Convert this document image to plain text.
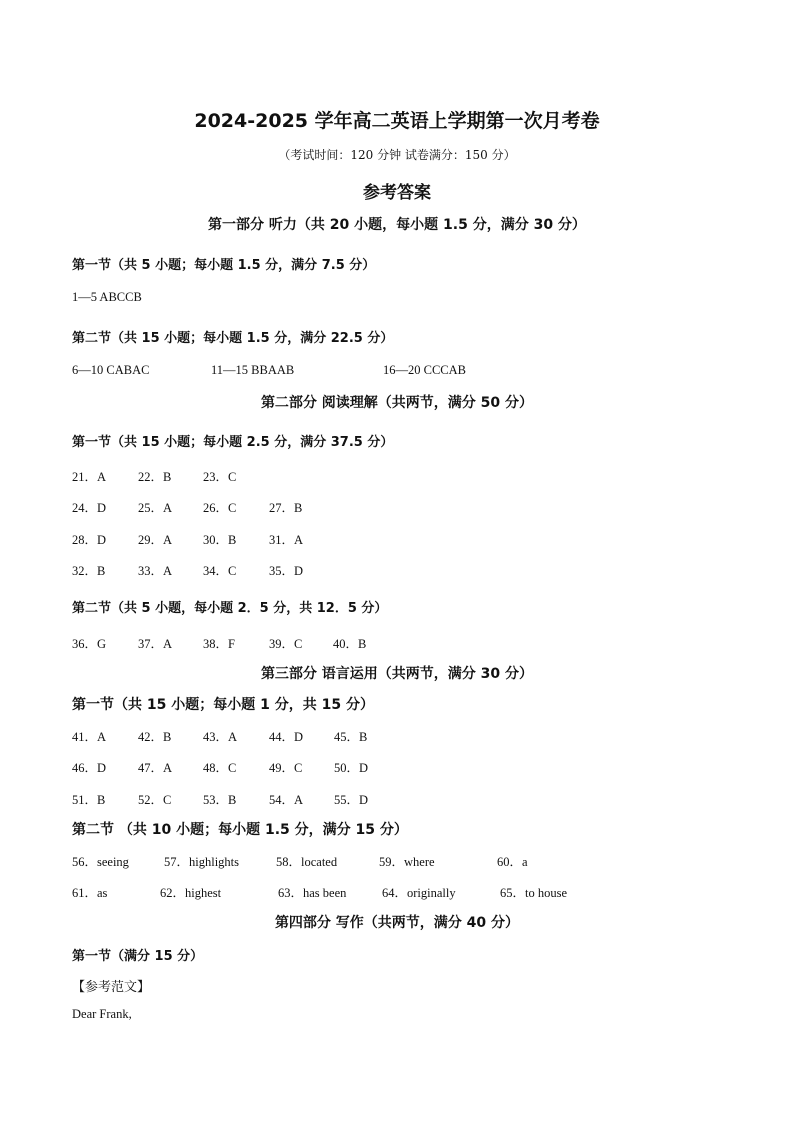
2024-2025 学年高二英语上学期第一次月考卷
（考试时间：120 分钟 试卷满分：150 分）
参考答案
第一部分 听力（共 20 小题，每小题 1.5 分，满分 30 分）
第一节（共 5 小题；每小题 1.5 分，满分 7.5 分）
1—5 ABCCB
第二节（共 15 小题；每小题 1.5 分，满分 22.5 分）
6—10 CABAC	11—15 BBAAB	16—20 CCCAB
第二部分 阅读理解（共两节，满分 50 分）
第一节（共 15 小题；每小题 2.5 分，满分 37.5 分）
21．A	22．B	23．C
24．D	25．A 26．C	27．B
28．D	29．A 30．B	31．A
32．B	33．A 34．C	35．D
第二节（共 5 小题，每小题 2．5 分，共 12．5 分）
36．G	37．A 38．F	39．C 40．B
第三部分 语言运用（共两节，满分 30 分）
第一节（共 15 小题；每小题 1 分，共 15 分）
41．A	42．B	43．A	44．D 45．B
46．D	47．A 48．C	49．C	50．D
51．B	52．C	53．B	54．A 55．D
第二节 （共 10 小题；每小题 1.5 分，满分 15 分）
56．seeing	57．highlights	58．located	59．where	60．a
61．as	62．highest	63．has been	64．originally	65．to house
第四部分 写作（共两节，满分 40 分）
第一节（满分 15 分）
【参考范文】
Dear Frank,
